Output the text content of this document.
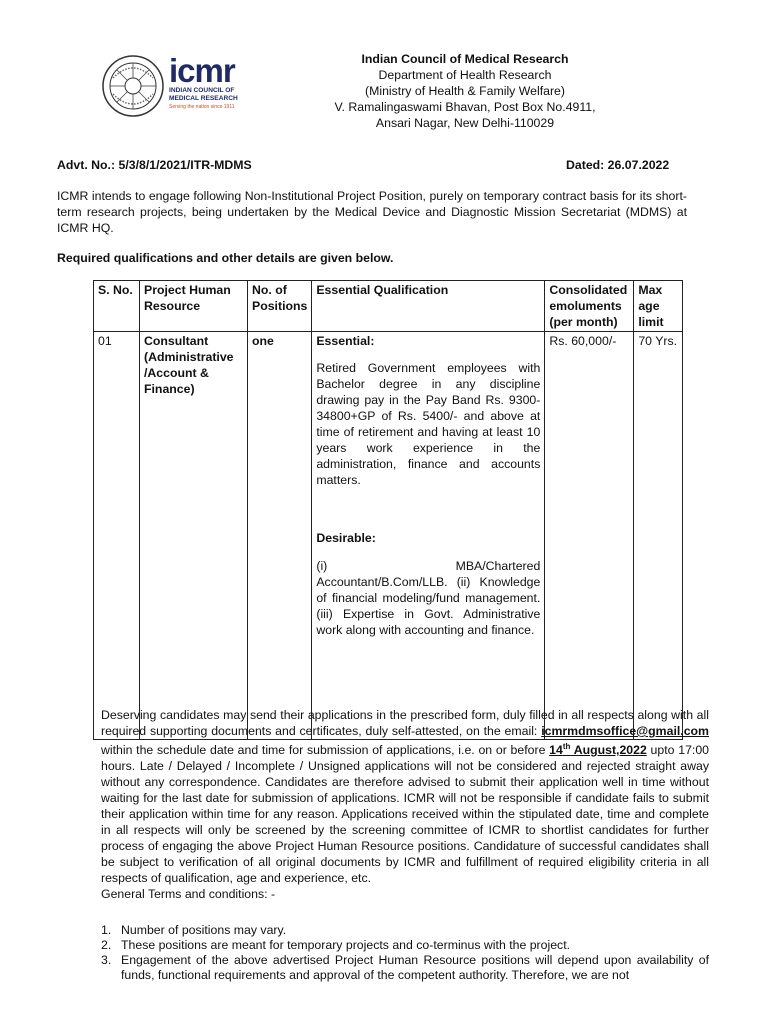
icmr
INDIAN COUNCIL OF
MEDICAL RESEARCH
Serving the nation since 1911
Indian Council of Medical Research
Department of Health Research
(Ministry of Health & Family Welfare)
V. Ramalingaswami Bhavan, Post Box No.4911,
Ansari Nagar, New Delhi-110029
Advt. No.: 5/3/8/1/2021/ITR-MDMS	Dated: 26.07.2022
ICMR intends to engage following Non-Institutional Project Position, purely on temporary contract basis for its short-term research projects, being undertaken by the Medical Device and Diagnostic Mission Secretariat (MDMS) at ICMR HQ.
Required qualifications and other details are given below.
S. No.	Project Human Resource	No. of Positions	Essential Qualification	Consolidated emoluments (per month)	Max age limit
01	Consultant (Administrative /Account & Finance)	one	Essential:
Retired Government employees with Bachelor degree in any discipline drawing pay in the Pay Band Rs. 9300-34800+GP of Rs. 5400/- and above at time of retirement and having at least 10 years work experience in the administration, finance and accounts matters.
Desirable:
(i) MBA/Chartered Accountant/B.Com/LLB. (ii) Knowledge of financial modeling/fund management. (iii) Expertise in Govt. Administrative work along with accounting and finance.	Rs. 60,000/-	70 Yrs.
Deserving candidates may send their applications in the prescribed form, duly filled in all respects along with all required supporting documents and certificates, duly self-attested, on the email: icmrmdmsoffice@gmail.com within the schedule date and time for submission of applications, i.e. on or before 14th August,2022 upto 17:00 hours. Late / Delayed / Incomplete / Unsigned applications will not be considered and rejected straight away without any correspondence. Candidates are therefore advised to submit their application well in time without waiting for the last date for submission of applications. ICMR will not be responsible if candidate fails to submit their application within time for any reason. Applications received within the stipulated date, time and complete in all respects will only be screened by the screening committee of ICMR to shortlist candidates for further process of engaging the above Project Human Resource positions. Candidature of successful candidates shall be subject to verification of all original documents by ICMR and fulfillment of required eligibility criteria in all respects of qualification, age and experience, etc.
General Terms and conditions: -
1. Number of positions may vary.
2. These positions are meant for temporary projects and co-terminus with the project.
3. Engagement of the above advertised Project Human Resource positions will depend upon availability of funds, functional requirements and approval of the competent authority. Therefore, we are not
